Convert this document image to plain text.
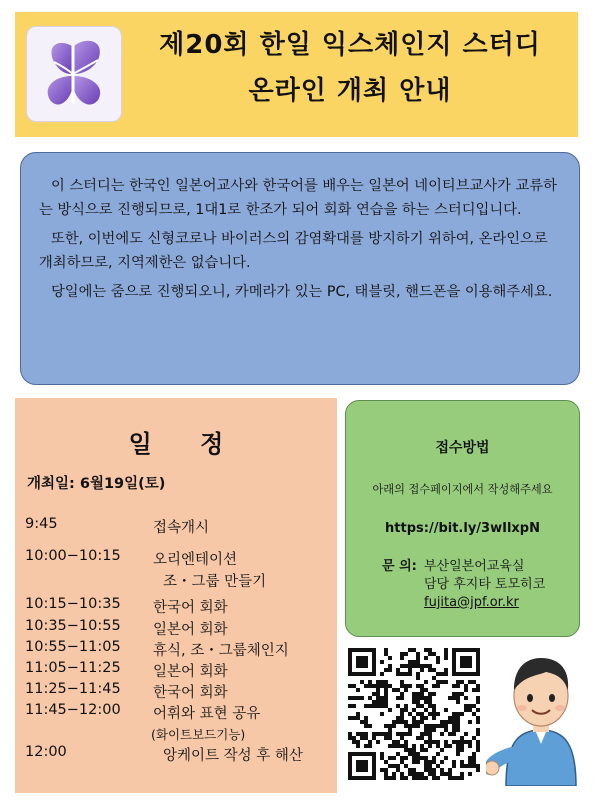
제20회 한일 익스체인지 스터디
온라인 개최 안내

이 스터디는 한국인 일본어교사와 한국어를 배우는 일본어 네이티브교사가 교류하는 방식으로 진행되므로, 1대1로 한조가 되어 회화 연습을 하는 스터디입니다.

또한, 이번에도 신형코로나 바이러스의 감염확대를 방지하기 위하여, 온라인으로 개최하므로, 지역제한은 없습니다.

당일에는 줌으로 진행되오니, 카메라가 있는 PC, 태블릿, 핸드폰을 이용해주세요.

일 정
개최일: 6월19일(토)
9:45	접속개시
10:00−10:15 오리엔테이션
조・그룹 만들기
10:15−10:35 한국어 회화
10:35−10:55 일본어 회화
10:55−11:05 휴식, 조・그룹체인지
11:05−11:25 일본어 회화
11:25−11:45 한국어 회화
11:45−12:00 어휘와 표현 공유
(화이트보드기능)
12:00	앙케이트 작성 후 해산
접수방법
아래의 접수페이지에서 작성해주세요
https://bit.ly/3wIlxpN
문 의: 부산일본어교육실
담당 후지타 토모히코
fujita@jpf.or.kr
